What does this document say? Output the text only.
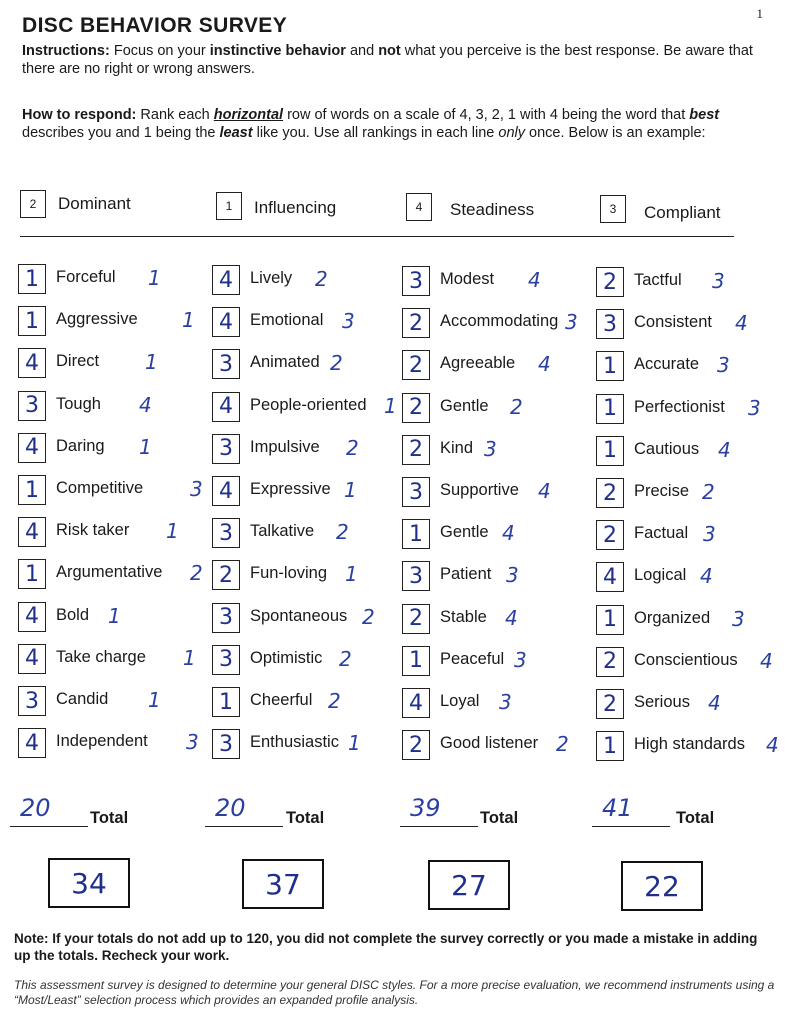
1
DISC BEHAVIOR SURVEY
Instructions: Focus on your instinctive behavior and not what you perceive is the best response. Be aware that there are no right or wrong answers.
How to respond: Rank each horizontal row of words on a scale of 4, 3, 2, 1 with 4 being the word that best describes you and 1 being the least like you. Use all rankings in each line only once. Below is an example:
2	Dominant	1	Influencing	4	Steadiness	3	Compliant
1	Forceful 1	4	Lively 2	3	Modest 4	2	Tactful 3
1	Aggressive 1	4	Emotional 3	2	Accommodating 3	3	Consistent 4
4	Direct 1	3	Animated 2	2	Agreeable 4	1	Accurate 3
3	Tough 4	4	People-oriented 1 2	Gentle 2	1	Perfectionist 3
4	Daring 1	3	Impulsive 2	2	Kind 3	1	Cautious 4
1	Competitive 3 4	Expressive 1	3	Supportive 4	2	Precise 2
4	Risk taker 1	3	Talkative 2	1	Gentle 4	2	Factual 3
1	Argumentative 2 2	Fun-loving 1	3	Patient 3	4	Logical 4
4	Bold 1	3	Spontaneous 2	2	Stable 4	1	Organized 3
4	Take charge 1	3	Optimistic 2	1	Peaceful 3	2	Conscientious 4
3	Candid 1	1	Cheerful 2	4	Loyal 3	2	Serious 4
4	Independent 3 3	Enthusiastic 1	2	Good listener 2	1	High standards 4
20 Total
34
20 Total
37
39 Total
27
41	Total
22
Note: If your totals do not add up to 120, you did not complete the survey correctly or you made a mistake in adding up the totals. Recheck your work.
This assessment survey is designed to determine your general DISC styles. For a more precise evaluation, we recommend instruments using a “Most/Least” selection process which provides an expanded profile analysis.
